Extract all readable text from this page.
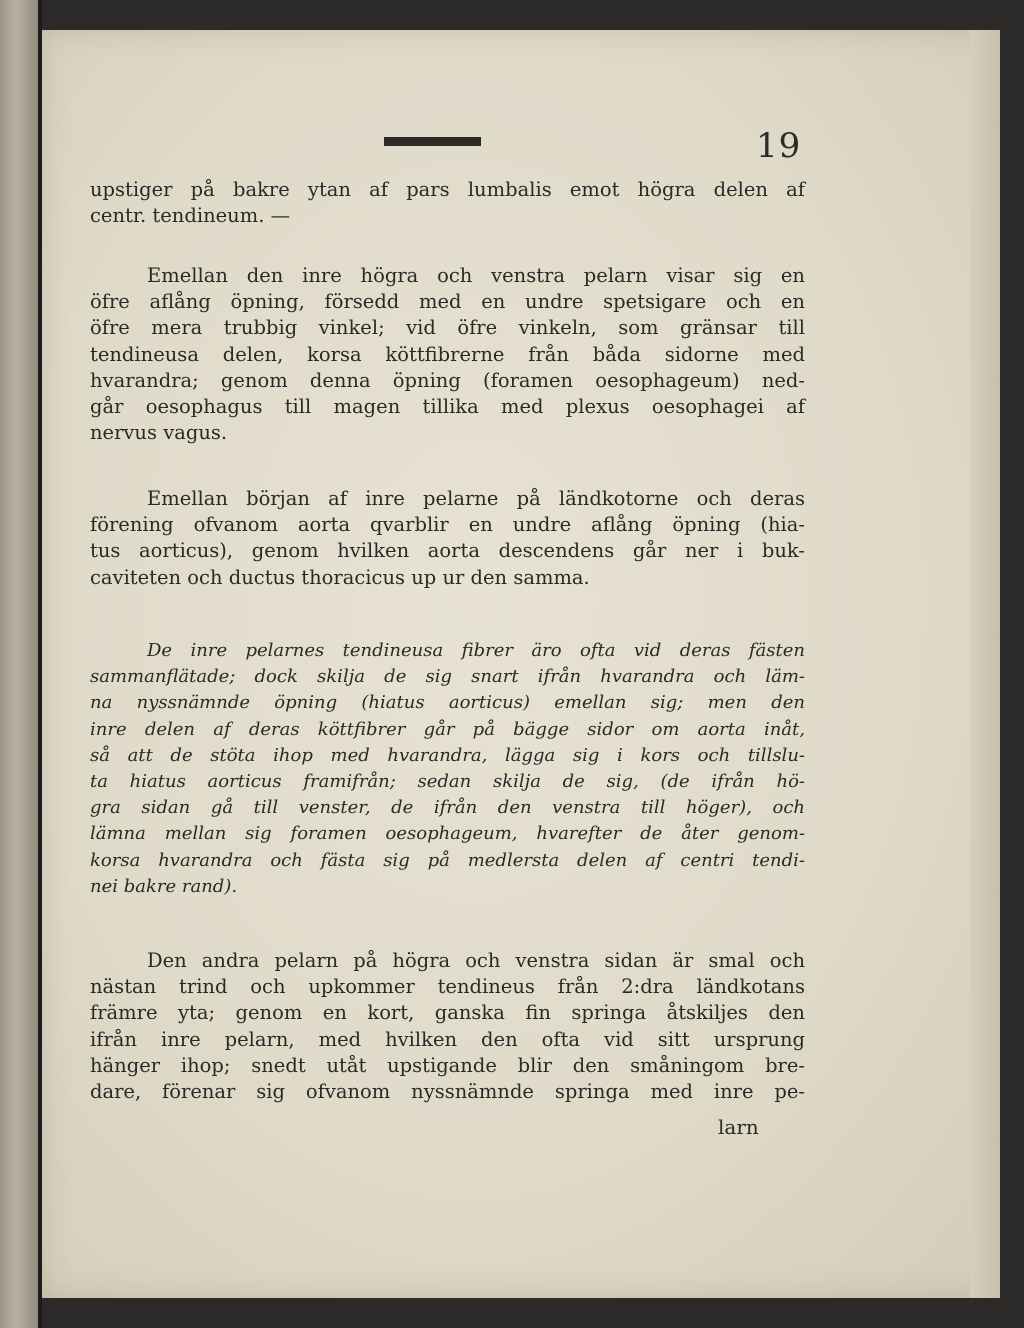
19
upstiger på bakre ytan af pars lumbalis emot högra delen af
centr. tendineum. —
Emellan den inre högra och venstra pelarn visar sig en
öfre aflång öpning, försedd med en undre spetsigare och en
öfre mera trubbig vinkel; vid öfre vinkeln, som gränsar till
tendineusa delen, korsa köttfibrerne från båda sidorne med
hvarandra; genom denna öpning (foramen oesophageum) ned-
går oesophagus till magen tillika med plexus oesophagei af
nervus vagus.
Emellan början af inre pelarne på ländkotorne och deras
förening ofvanom aorta qvarblir en undre aflång öpning (hia-
tus aorticus), genom hvilken aorta descendens går ner i buk-
caviteten och ductus thoracicus up ur den samma.
De inre pelarnes tendineusa fibrer äro ofta vid deras fästen
sammanflätade; dock skilja de sig snart ifrån hvarandra och läm-
na nyssnämnde öpning (hiatus aorticus) emellan sig; men den
inre delen af deras köttfibrer går på bägge sidor om aorta inåt,
så att de stöta ihop med hvarandra, lägga sig i kors och tillslu-
ta hiatus aorticus framifrån; sedan skilja de sig, (de ifrån hö-
gra sidan gå till venster, de ifrån den venstra till höger), och
lämna mellan sig foramen oesophageum, hvarefter de åter genom-
korsa hvarandra och fästa sig på medlersta delen af centri tendi-
nei bakre rand).
Den andra pelarn på högra och venstra sidan är smal och
nästan trind och upkommer tendineus från 2:dra ländkotans
främre yta; genom en kort, ganska fin springa åtskiljes den
ifrån inre pelarn, med hvilken den ofta vid sitt ursprung
hänger ihop; snedt utåt upstigande blir den småningom bre-
dare, förenar sig ofvanom nyssnämnde springa med inre pe-
larn
